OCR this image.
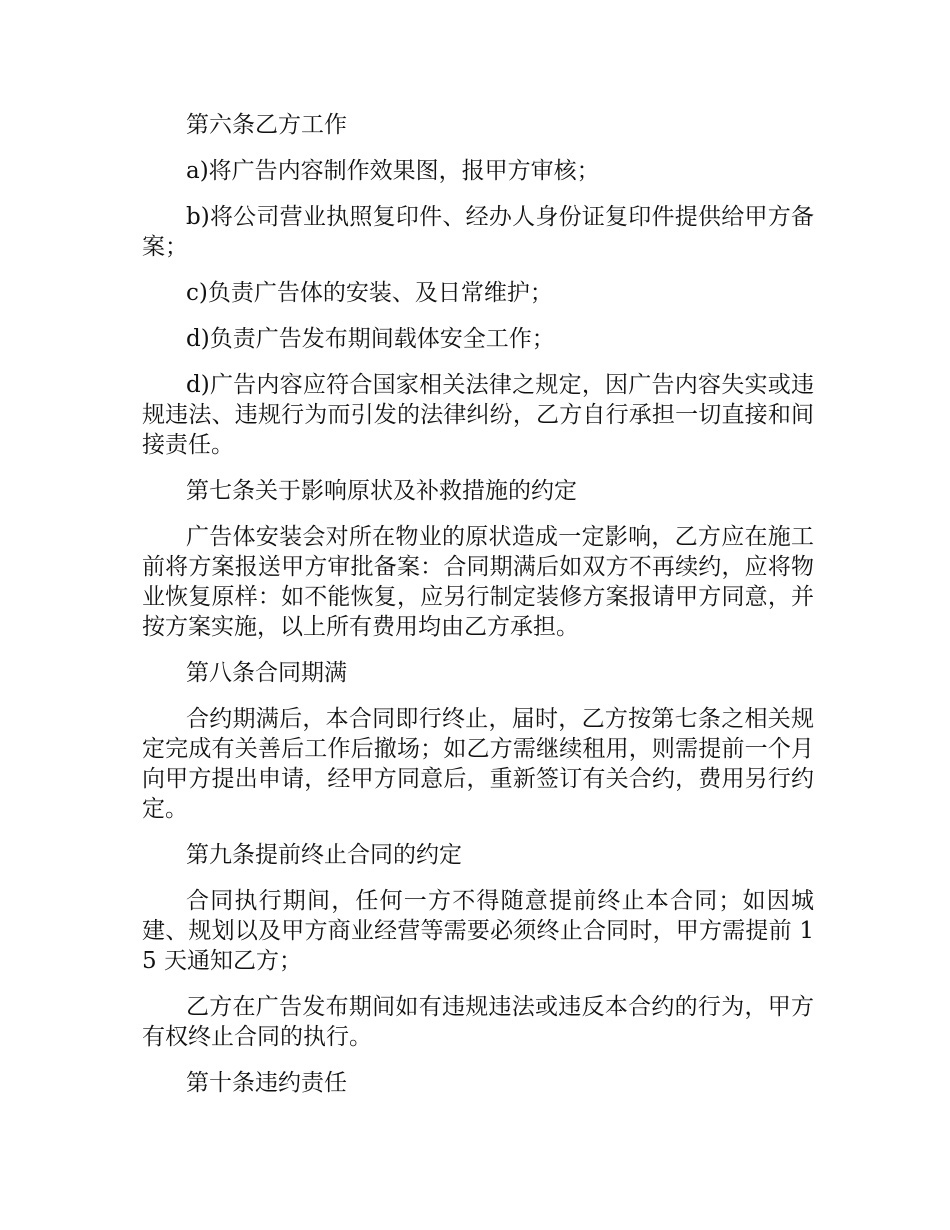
第六条乙方工作

a)将广告内容制作效果图，报甲方审核；

b)将公司营业执照复印件、经办人身份证复印件提供给甲方备案；

c)负责广告体的安装、及日常维护；

d)负责广告发布期间载体安全工作；

d)广告内容应符合国家相关法律之规定，因广告内容失实或违规违法、违规行为而引发的法律纠纷，乙方自行承担一切直接和间接责任。

第七条关于影响原状及补救措施的约定

广告体安装会对所在物业的原状造成一定影响，乙方应在施工前将方案报送甲方审批备案：合同期满后如双方不再续约，应将物业恢复原样：如不能恢复，应另行制定装修方案报请甲方同意，并按方案实施，以上所有费用均由乙方承担。

第八条合同期满

合约期满后，本合同即行终止，届时，乙方按第七条之相关规定完成有关善后工作后撤场；如乙方需继续租用，则需提前一个月向甲方提出申请，经甲方同意后，重新签订有关合约，费用另行约定。

第九条提前终止合同的约定

合同执行期间，任何一方不得随意提前终止本合同；如因城建、规划以及甲方商业经营等需要必须终止合同时，甲方需提前 15 天通知乙方；

乙方在广告发布期间如有违规违法或违反本合约的行为，甲方有权终止合同的执行。

第十条违约责任
